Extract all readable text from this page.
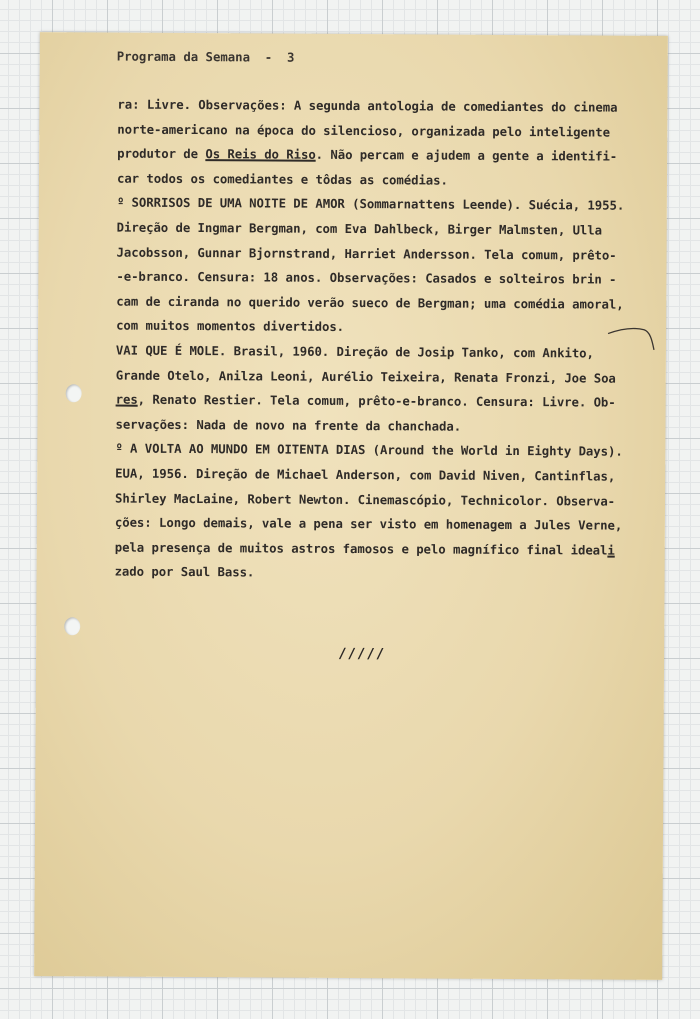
Programa da Semana  -  3
ra: Livre. Observações: A segunda antologia de comediantes do cinema
norte-americano na época do silencioso, organizada pelo inteligente
produtor de Os Reis do Riso. Não percam e ajudem a gente a identifi-
car todos os comediantes e tôdas as comédias.
º SORRISOS DE UMA NOITE DE AMOR (Sommarnattens Leende). Suécia, 1955.
Direção de Ingmar Bergman, com Eva Dahlbeck, Birger Malmsten, Ulla
Jacobsson, Gunnar Bjornstrand, Harriet Andersson. Tela comum, prêto-
-e-branco. Censura: 18 anos. Observações: Casados e solteiros brin -
cam de ciranda no querido verão sueco de Bergman; uma comédia amoral,
com muitos momentos divertidos.
VAI QUE É MOLE. Brasil, 1960. Direção de Josip Tanko, com Ankito,
Grande Otelo, Anilza Leoni, Aurélio Teixeira, Renata Fronzi, Joe Soa
res, Renato Restier. Tela comum, prêto-e-branco. Censura: Livre. Ob-
servações: Nada de novo na frente da chanchada.
º A VOLTA AO MUNDO EM OITENTA DIAS (Around the World in Eighty Days).
EUA, 1956. Direção de Michael Anderson, com David Niven, Cantinflas,
Shirley MacLaine, Robert Newton. Cinemascópio, Technicolor. Observa-
ções: Longo demais, vale a pena ser visto em homenagem a Jules Verne,
pela presença de muitos astros famosos e pelo magnífico final ideali
zado por Saul Bass.
/////
